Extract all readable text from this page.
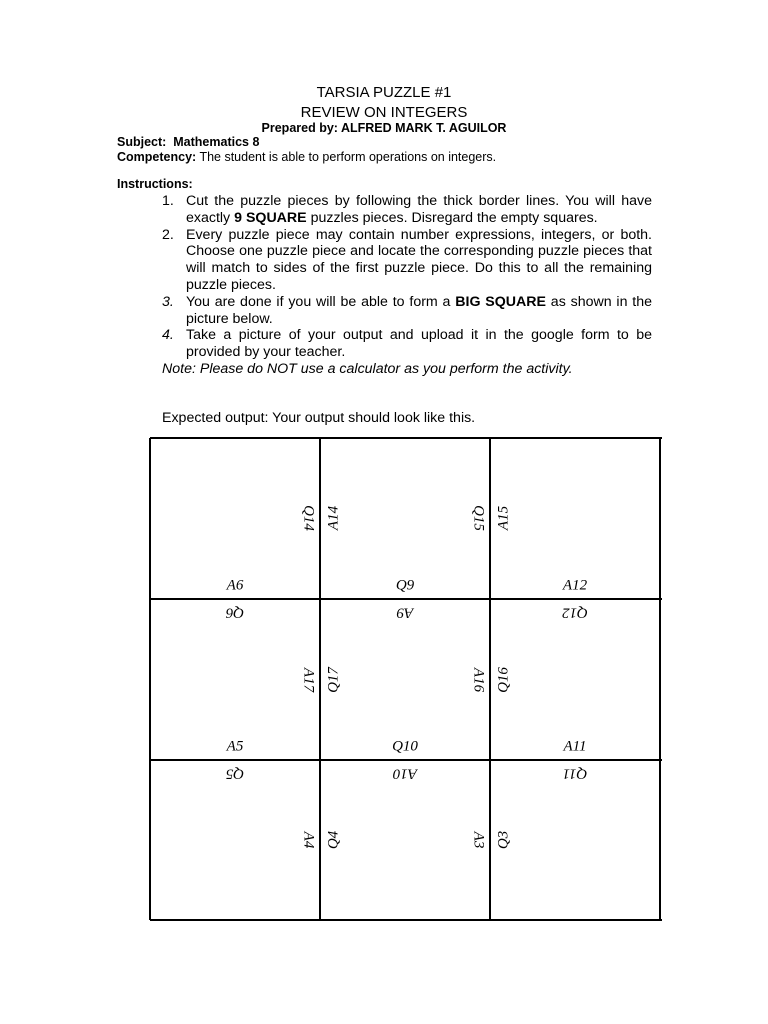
TARSIA PUZZLE #1
REVIEW ON INTEGERS
Prepared by: ALFRED MARK T. AGUILOR
Subject: Mathematics 8
Competency: The student is able to perform operations on integers.
Instructions:
1. Cut the puzzle pieces by following the thick border lines. You will have exactly 9 SQUARE puzzles pieces. Disregard the empty squares.
2. Every puzzle piece may contain number expressions, integers, or both. Choose one puzzle piece and locate the corresponding puzzle pieces that will match to sides of the first puzzle piece. Do this to all the remaining puzzle pieces.
3. You are done if you will be able to form a BIG SQUARE as shown in the picture below.
4. Take a picture of your output and upload it in the google form to be provided by your teacher.
Note: Please do NOT use a calculator as you perform the activity.
Expected output: Your output should look like this.
Q14 A14	Q15 A15
A6	Q9	A12
Q6	A9	Q12
A17 Q17	A16 Q16
A5	Q10	A11
Q5	A10	Q11
A4 Q4	A3 Q3
